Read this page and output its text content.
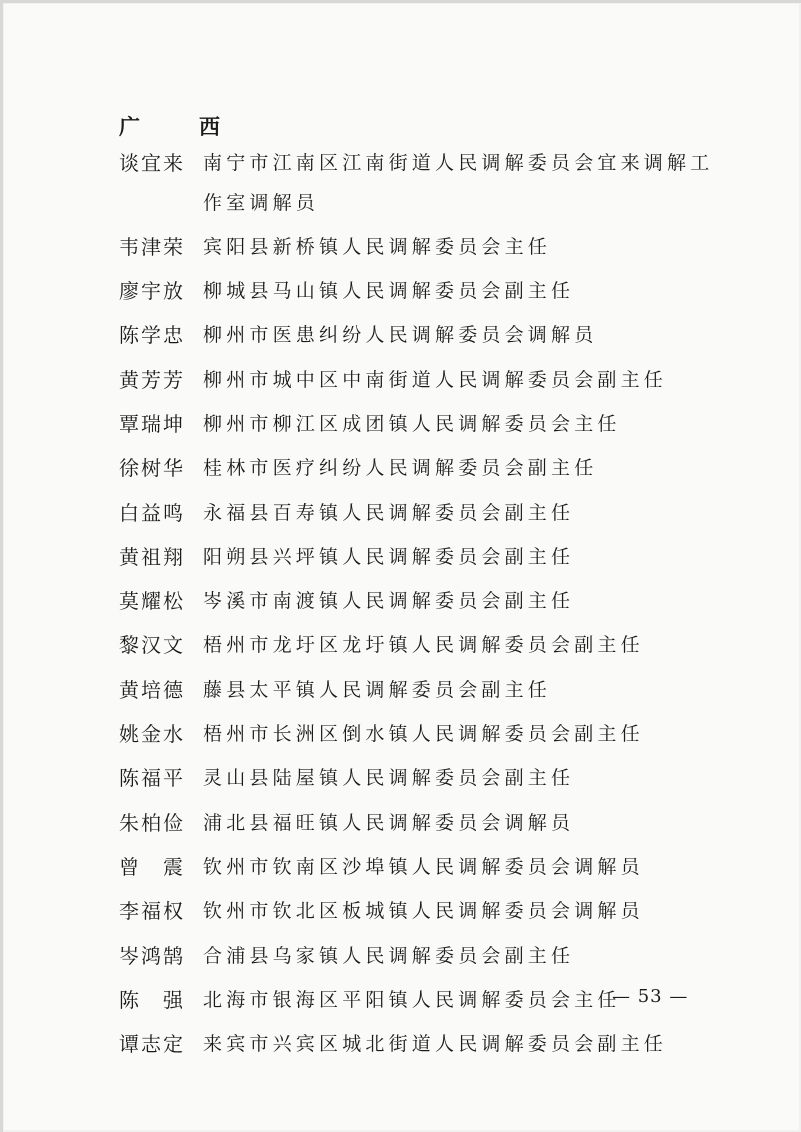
广　西
谈宜来 南宁市江南区江南街道人民调解委员会宜来调解工作室调解员
韦津荣 宾阳县新桥镇人民调解委员会主任
廖宇放 柳城县马山镇人民调解委员会副主任
陈学忠 柳州市医患纠纷人民调解委员会调解员
黄芳芳 柳州市城中区中南街道人民调解委员会副主任
覃瑞坤 柳州市柳江区成团镇人民调解委员会主任
徐树华 桂林市医疗纠纷人民调解委员会副主任
白益鸣 永福县百寿镇人民调解委员会副主任
黄祖翔 阳朔县兴坪镇人民调解委员会副主任
莫耀松 岑溪市南渡镇人民调解委员会副主任
黎汉文 梧州市龙圩区龙圩镇人民调解委员会副主任
黄培德 藤县太平镇人民调解委员会副主任
姚金水 梧州市长洲区倒水镇人民调解委员会副主任
陈福平 灵山县陆屋镇人民调解委员会副主任
朱柏俭 浦北县福旺镇人民调解委员会调解员
曾　震 钦州市钦南区沙埠镇人民调解委员会调解员
李福权 钦州市钦北区板城镇人民调解委员会调解员
岑鸿鹄 合浦县乌家镇人民调解委员会副主任
陈　强 北海市银海区平阳镇人民调解委员会主任
谭志定 来宾市兴宾区城北街道人民调解委员会副主任
— 53 —
